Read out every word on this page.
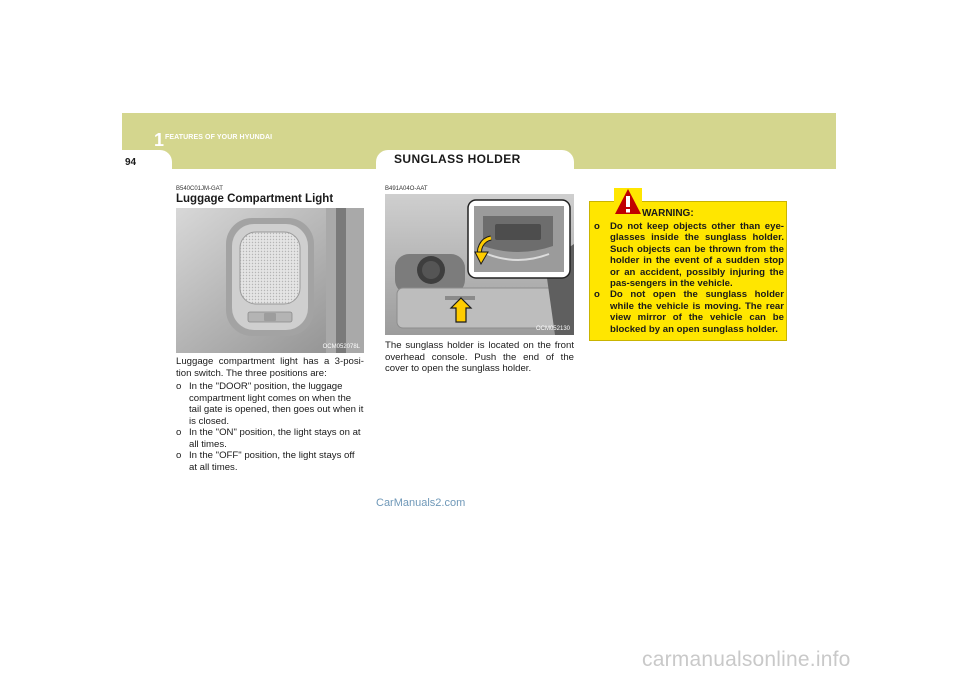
1 FEATURES OF YOUR HYUNDAI
94	SUNGLASS HOLDER
B540C01JM-GAT
Luggage Compartment Light
OCM052078L
Luggage compartment light has a 3-posi-tion switch. The three positions are:
o In the "DOOR" position, the luggage compartment light comes on when the tail gate is opened, then goes out when it is closed.
o In the "ON" position, the light stays on at all times.
o In the "OFF" position, the light stays off at all times.
B491A04O-AAT
OCM052130
The sunglass holder is located on the front overhead console. Push the end of the cover to open the sunglass holder.
WARNING:
o Do not keep objects other than eye-glasses inside the sunglass holder. Such objects can be thrown from the holder in the event of a sudden stop or an accident, possibly injuring the pas-sengers in the vehicle.
o Do not open the sunglass holder while the vehicle is moving. The rear view mirror of the vehicle can be blocked by an open sunglass holder.
CarManuals2.com
carmanualsonline.info
